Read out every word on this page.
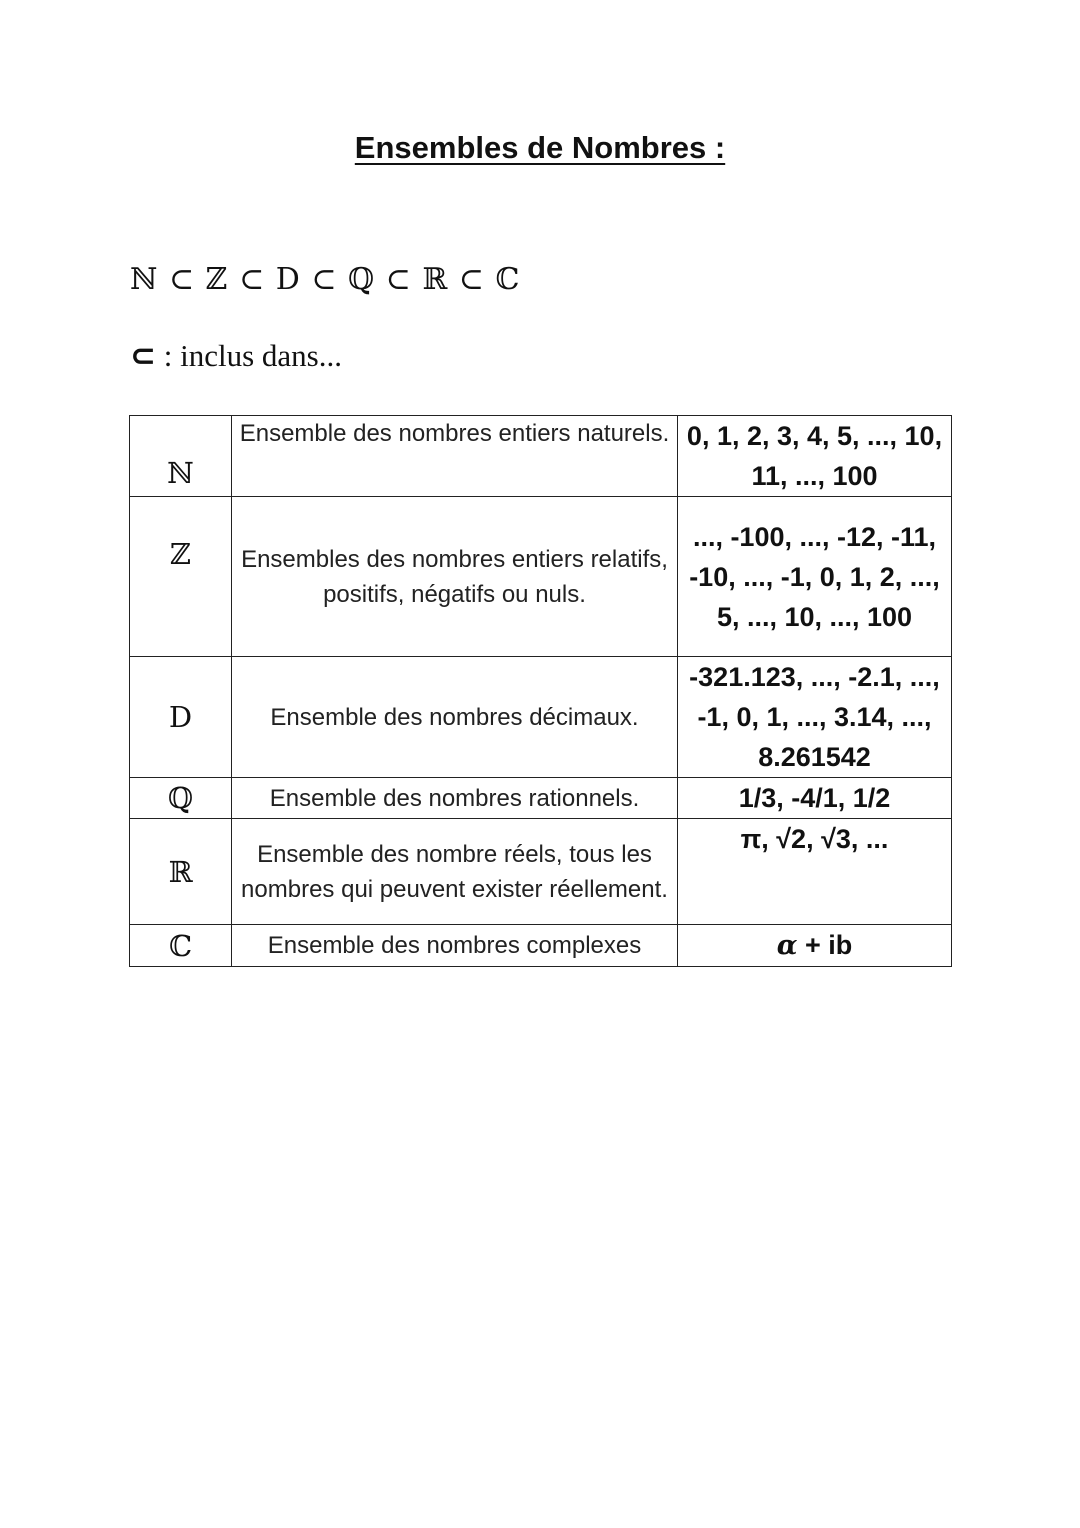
Ensembles de Nombres :
ℕ ⊂ ℤ ⊂ D ⊂ ℚ ⊂ ℝ ⊂ ℂ
⊂ : inclus dans...
ℕ	Ensemble des nombres entiers naturels.	0, 1, 2, 3, 4, 5, ..., 10, 11, ..., 100
ℤ	Ensembles des nombres entiers relatifs, positifs, négatifs ou nuls.	..., -100, ..., -12, -11, -10, ..., -1, 0, 1, 2, ..., 5, ..., 10, ..., 100
D	Ensemble des nombres décimaux.	-321.123, ..., -2.1, ..., -1, 0, 1, ..., 3.14, ..., 8.261542
ℚ	Ensemble des nombres rationnels.	1/3, -4/1, 1/2
ℝ	Ensemble des nombre réels, tous les nombres qui peuvent exister réellement.	π, √2, √3, ...
ℂ	Ensemble des nombres complexes	α + ib
